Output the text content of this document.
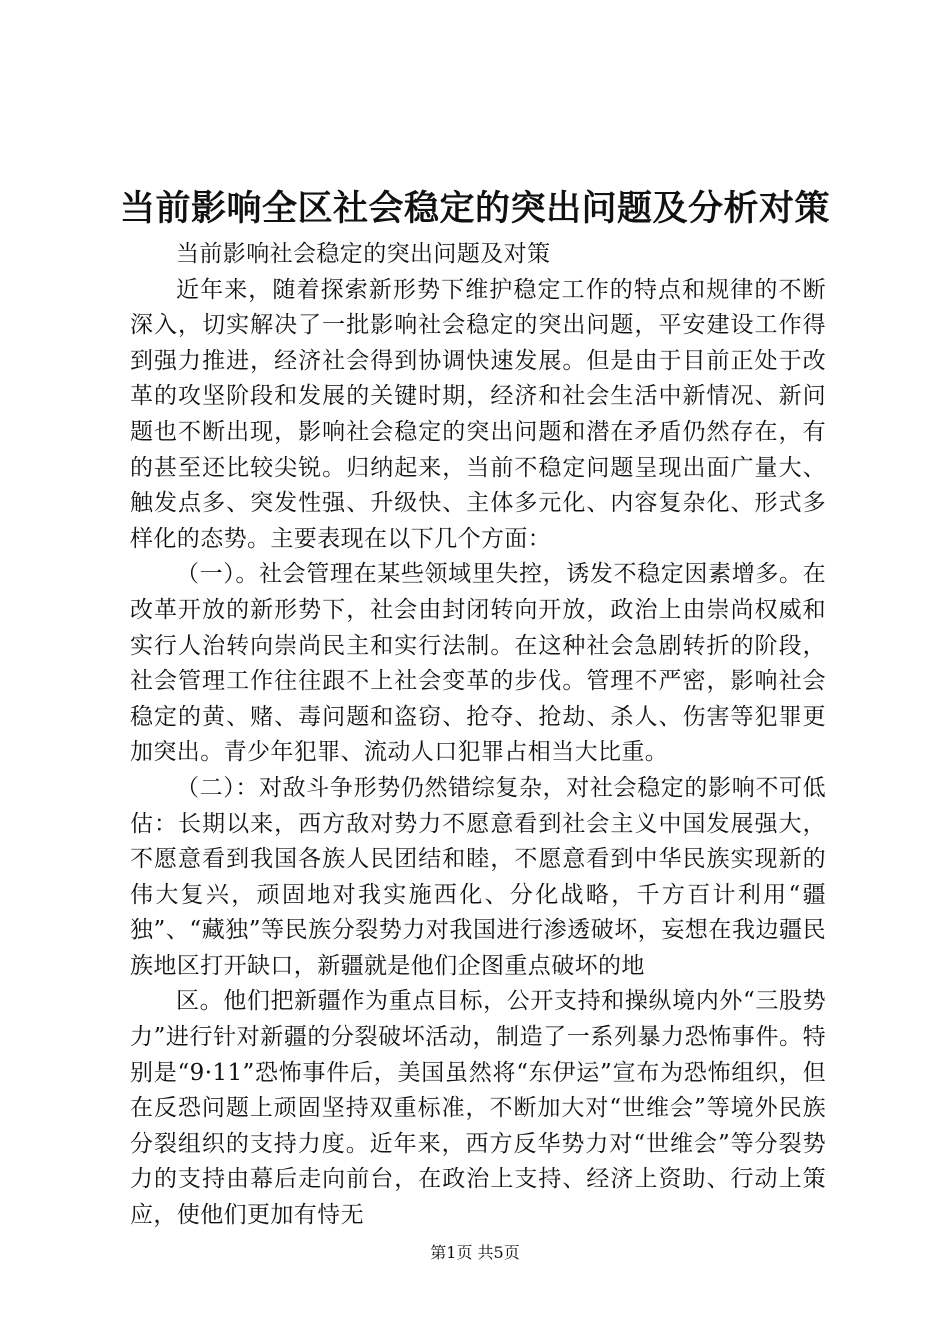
当前影响全区社会稳定的突出问题及分析对策

当前影响社会稳定的突出问题及对策

近年来，随着探索新形势下维护稳定工作的特点和规律的不断深入，切实解决了一批影响社会稳定的突出问题，平安建设工作得到强力推进，经济社会得到协调快速发展。但是由于目前正处于改革的攻坚阶段和发展的关键时期，经济和社会生活中新情况、新问题也不断出现，影响社会稳定的突出问题和潜在矛盾仍然存在，有的甚至还比较尖锐。归纳起来，当前不稳定问题呈现出面广量大、触发点多、突发性强、升级快、主体多元化、内容复杂化、形式多样化的态势。主要表现在以下几个方面：

（一）。社会管理在某些领域里失控，诱发不稳定因素增多。在改革开放的新形势下，社会由封闭转向开放，政治上由崇尚权威和实行人治转向崇尚民主和实行法制。在这种社会急剧转折的阶段，社会管理工作往往跟不上社会变革的步伐。管理不严密，影响社会稳定的黄、赌、毒问题和盗窃、抢夺、抢劫、杀人、伤害等犯罪更加突出。青少年犯罪、流动人口犯罪占相当大比重。

（二）：对敌斗争形势仍然错综复杂，对社会稳定的影响不可低估：长期以来，西方敌对势力不愿意看到社会主义中国发展强大，不愿意看到我国各族人民团结和睦，不愿意看到中华民族实现新的伟大复兴，顽固地对我实施西化、分化战略，千方百计利用“疆独”、“藏独”等民族分裂势力对我国进行渗透破坏，妄想在我边疆民族地区打开缺口，新疆就是他们企图重点破坏的地

区。他们把新疆作为重点目标，公开支持和操纵境内外“三股势力”进行针对新疆的分裂破坏活动，制造了一系列暴力恐怖事件。特别是“9·11”恐怖事件后，美国虽然将“东伊运”宣布为恐怖组织，但在反恐问题上顽固坚持双重标准，不断加大对“世维会”等境外民族分裂组织的支持力度。近年来，西方反华势力对“世维会”等分裂势力的支持由幕后走向前台，在政治上支持、经济上资助、行动上策应，使他们更加有恃无

第1页 共5页
